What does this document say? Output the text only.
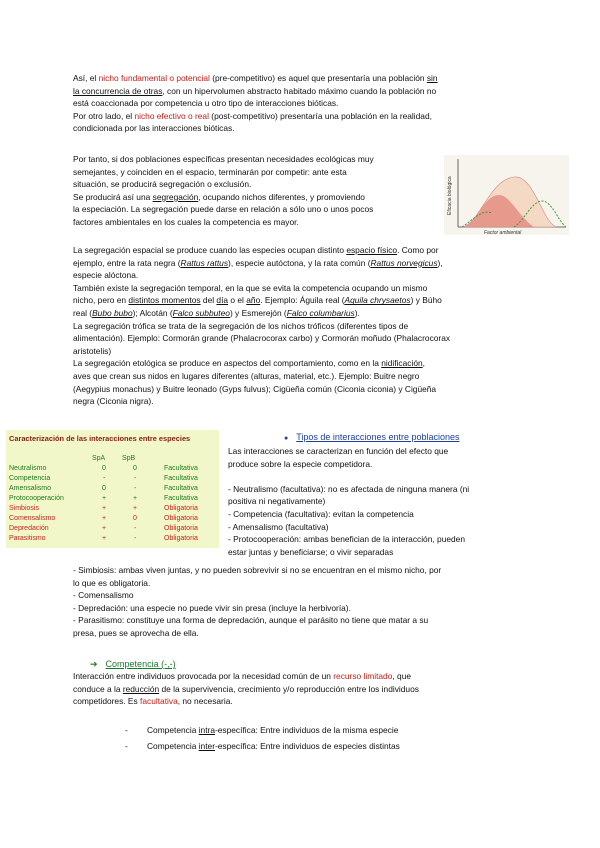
Así, el nicho fundamental o potencial (pre-competitivo) es aquel que presentaría una población sin
la concurrencia de otras, con un hipervolumen abstracto habitado máximo cuando la población no
está coaccionada por competencia u otro tipo de interacciones bióticas.
Por otro lado, el nicho efectivo o real (post-competitivo) presentaría una población en la realidad,
condicionada por las interacciones bióticas.
Por tanto, si dos poblaciones específicas presentan necesidades ecológicas muy
semejantes, y coinciden en el espacio, terminarán por competir: ante esta
situación, se producirá segregación o exclusión.
Se producirá así una segregación, ocupando nichos diferentes, y promoviendo
la especiación. La segregación puede darse en relación a sólo uno o unos pocos
factores ambientales en los cuales la competencia es mayor.
Eficacia biológica
Factor ambiental
La segregación espacial se produce cuando las especies ocupan distinto espacio físico. Como por
ejemplo, entre la rata negra (Rattus rattus), especie autóctona, y la rata común (Rattus norvegicus),
especie alóctona.
También existe la segregación temporal, en la que se evita la competencia ocupando un mismo
nicho, pero en distintos momentos del día o el año. Ejemplo: Águila real (Aquila chrysaetos) y Búho
real (Bubo bubo); Alcotán (Falco subbuteo) y Esmerejón (Falco columbarius).
La segregación trófica se trata de la segregación de los nichos tróficos (diferentes tipos de
alimentación). Ejemplo: Cormorán grande (Phalacrocorax carbo) y Cormorán moñudo (Phalacrocorax
aristotelis)
La segregación etológica se produce en aspectos del comportamiento, como en la nidificación,
aves que crean sus nidos en lugares diferentes (alturas, material, etc.). Ejemplo: Buitre negro
(Aegypius monachus) y Buitre leonado (Gyps fulvus); Cigüeña común (Ciconia ciconia) y Cigüeña
negra (Ciconia nigra).
Caracterización de las interacciones entre especies
SpA SpB
Neutralismo	0	0	Facultativa
Competencia	-	-	Facultativa
Amensalismo	0	-	Facultativa
Protocooperación	+	+	Facultativa
Simbiosis	+	+	Obligatoria
Comensalismo	+	0	Obligatoria
Depredación	+	-	Obligatoria
Parasitismo	+	-	Obligatoria
● Tipos de interacciones entre poblaciones
Las interacciones se caracterizan en función del efecto que
produce sobre la especie competidora.
- Neutralismo (facultativa): no es afectada de ninguna manera (ni
positiva ni negativamente)
- Competencia (facultativa): evitan la competencia
- Amensalismo (facultativa)
- Protocooperación: ambas benefician de la interacción, pueden
estar juntas y beneficiarse; o vivir separadas
- Simbiosis: ambas viven juntas, y no pueden sobrevivir si no se encuentran en el mismo nicho, por
lo que es obligatoria.
- Comensalismo
- Depredación: una especie no puede vivir sin presa (incluye la herbivoría).
- Parasitismo: constituye una forma de depredación, aunque el parásito no tiene que matar a su
presa, pues se aprovecha de ella.
➔ Competencia (-,-)
Interacción entre individuos provocada por la necesidad común de un recurso limitado, que
conduce a la reducción de la supervivencia, crecimiento y/o reproducción entre los individuos
competidores. Es facultativa, no necesaria.
- Competencia intra-específica: Entre individuos de la misma especie
- Competencia inter-específica: Entre individuos de especies distintas
